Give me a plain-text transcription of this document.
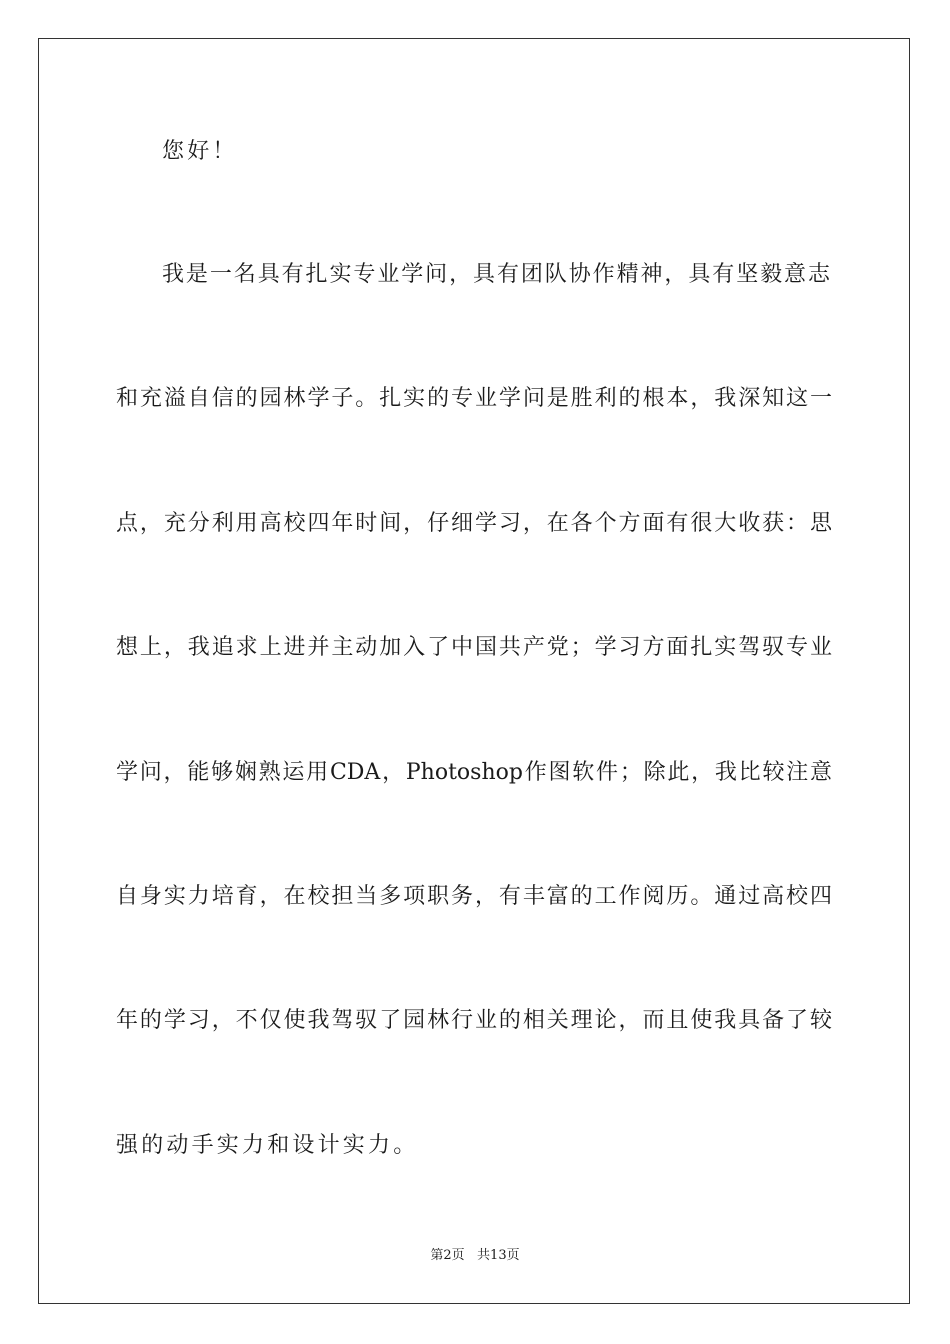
您好！
我是一名具有扎实专业学问，具有团队协作精神，具有坚毅意志
和充溢自信的园林学子。扎实的专业学问是胜利的根本，我深知这一
点，充分利用高校四年时间，仔细学习，在各个方面有很大收获：思
想上，我追求上进并主动加入了中国共产党；学习方面扎实驾驭专业
学问，能够娴熟运用CDA，Photoshop作图软件；除此，我比较注意
自身实力培育，在校担当多项职务，有丰富的工作阅历。通过高校四
年的学习，不仅使我驾驭了园林行业的相关理论，而且使我具备了较
强的动手实力和设计实力。
第2页   共13页
